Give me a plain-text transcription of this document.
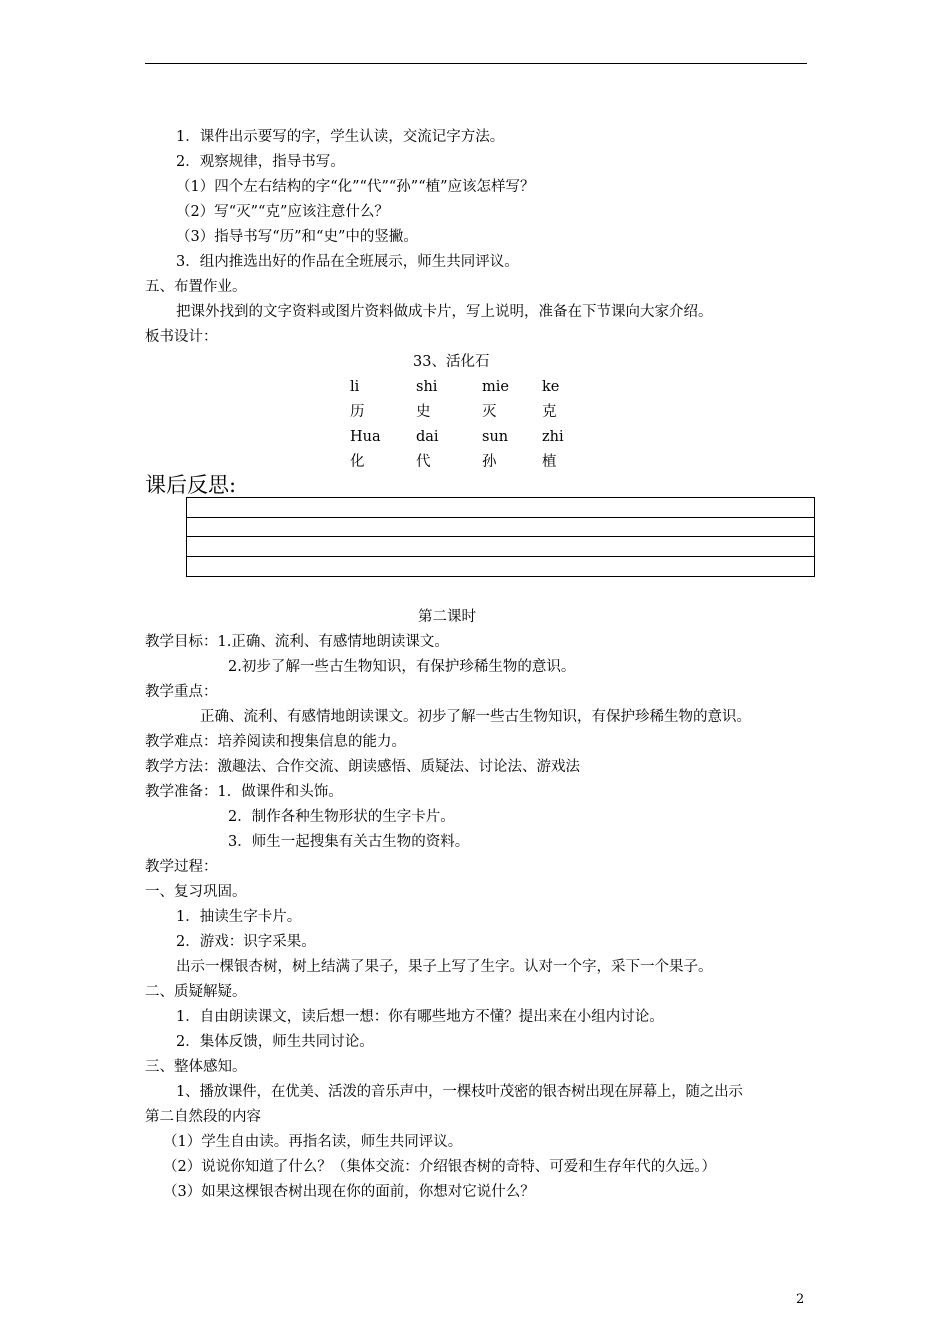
1．课件出示要写的字，学生认读，交流记字方法。
2．观察规律，指导书写。
（1）四个左右结构的字“化”“代”“孙”“植”应该怎样写？
（2）写“灭”“克”应该注意什么？
（3）指导书写“历”和“史”中的竖撇。
3．组内推选出好的作品在全班展示，师生共同评议。
五、布置作业。
把课外找到的文字资料或图片资料做成卡片，写上说明，准备在下节课向大家介绍。
板书设计：
33、活化石
li	shi	mie ke
历	史	灭	克
Hua dai	sun zhi
化	代	孙	植
课后反思:
第二课时
教学目标：1.正确、流利、有感情地朗读课文。
2.初步了解一些古生物知识，有保护珍稀生物的意识。
教学重点：
正确、流利、有感情地朗读课文。初步了解一些古生物知识，有保护珍稀生物的意识。
教学难点：培养阅读和搜集信息的能力。
教学方法：激趣法、合作交流、朗读感悟、质疑法、讨论法、游戏法
教学准备：1．做课件和头饰。
2．制作各种生物形状的生字卡片。
3．师生一起搜集有关古生物的资料。
教学过程：
一、复习巩固。
1．抽读生字卡片。
2．游戏：识字采果。
出示一棵银杏树，树上结满了果子，果子上写了生字。认对一个字，采下一个果子。
二、质疑解疑。
1．自由朗读课文，读后想一想：你有哪些地方不懂？提出来在小组内讨论。
2．集体反馈，师生共同讨论。
三、整体感知。
1、播放课件，在优美、活泼的音乐声中，一棵枝叶茂密的银杏树出现在屏幕上，随之出示
第二自然段的内容
（1）学生自由读。再指名读，师生共同评议。
（2）说说你知道了什么？（集体交流：介绍银杏树的奇特、可爱和生存年代的久远。）
（3）如果这棵银杏树出现在你的面前，你想对它说什么？
2
